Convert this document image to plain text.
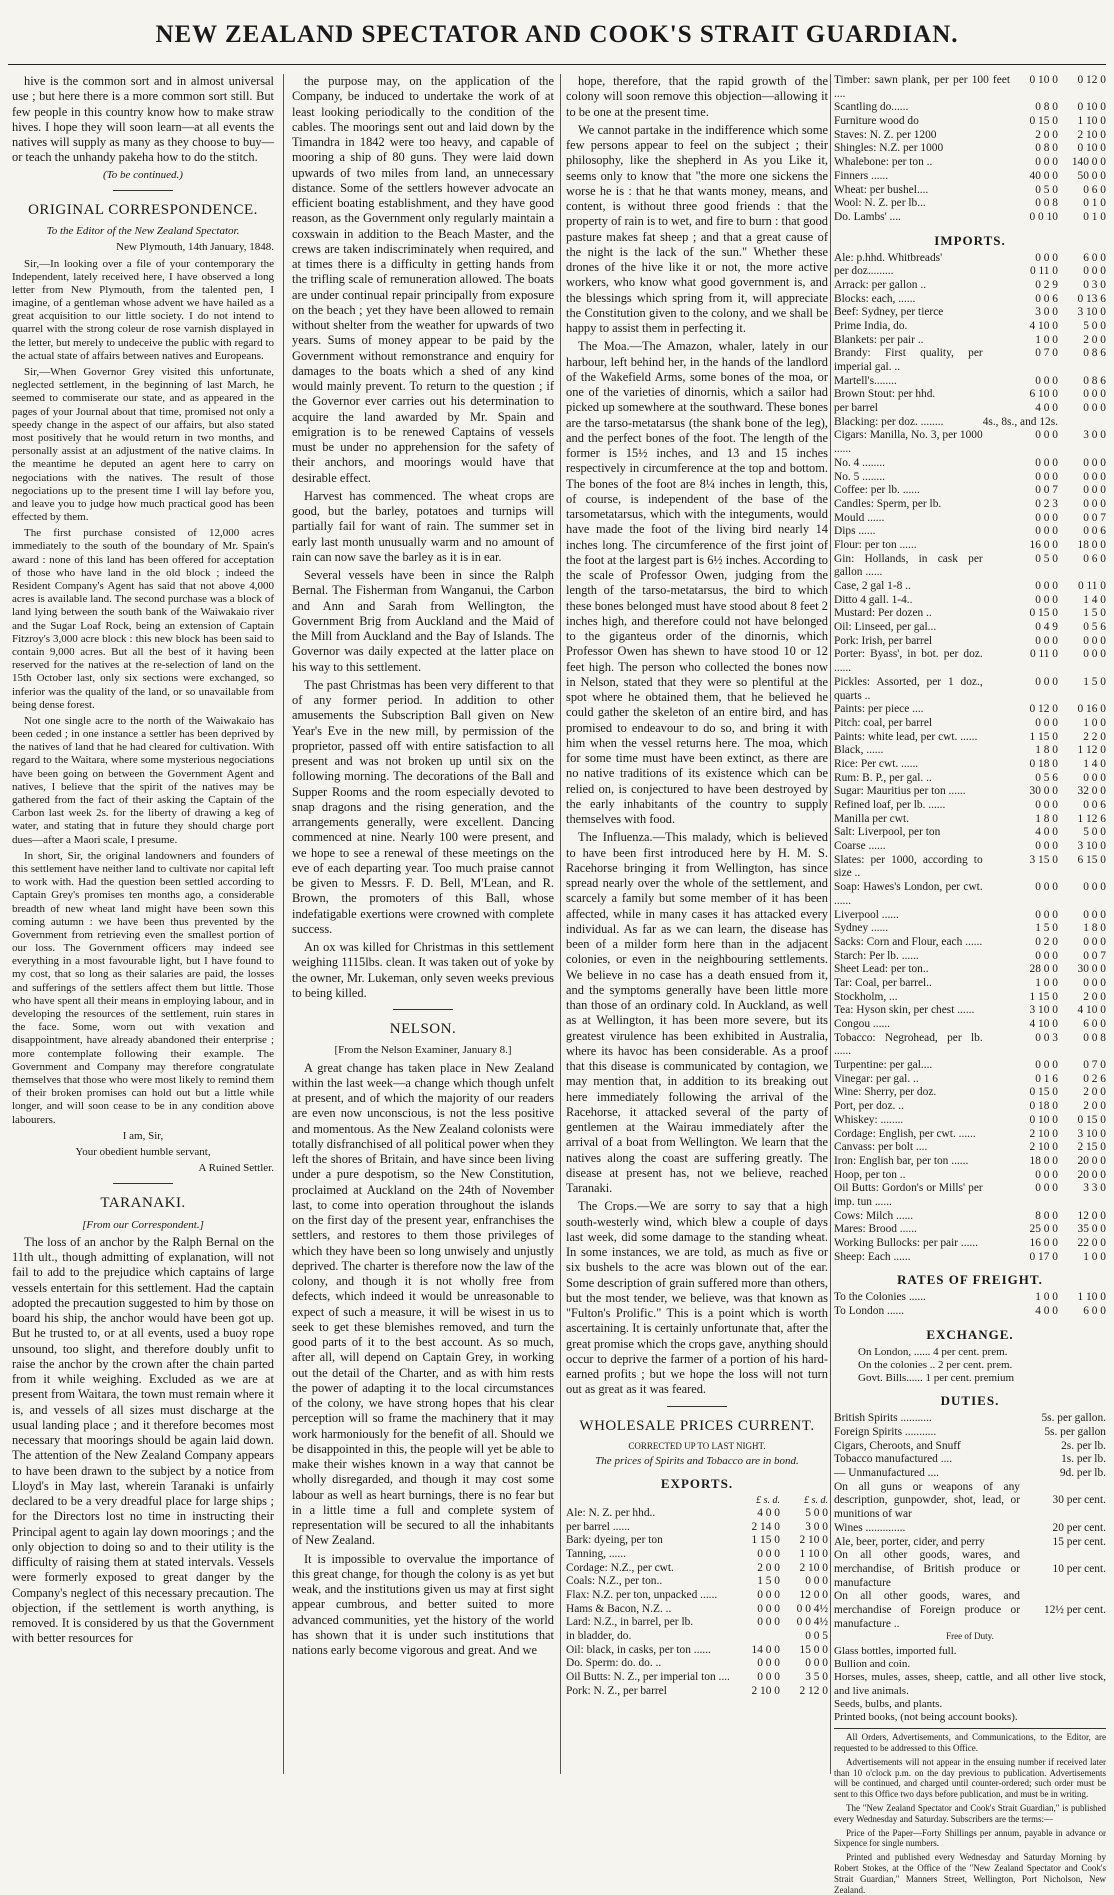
NEW ZEALAND SPECTATOR AND COOK'S STRAIT GUARDIAN.

hive is the common sort and in almost universal use ; but here there is a more common sort still. But few people in this country know how to make straw hives. I hope they will soon learn—at all events the natives will supply as many as they choose to buy—or teach the unhandy pakeha how to do the stitch.

(To be continued.)

ORIGINAL CORRESPONDENCE.

To the Editor of the New Zealand Spectator.

New Plymouth, 14th January, 1848.

Sir,—In looking over a file of your contemporary the Independent, lately received here, I have observed a long letter from New Plymouth, from the talented pen, I imagine, of a gentleman whose advent we have hailed as a great acquisition to our little society. I do not intend to quarrel with the strong coleur de rose varnish displayed in the letter, but merely to undeceive the public with regard to the actual state of affairs between natives and Europeans.

Sir,—When Governor Grey visited this unfortunate, neglected settlement, in the beginning of last March, he seemed to commiserate our state, and as appeared in the pages of your Journal about that time, promised not only a speedy change in the aspect of our affairs, but also stated most positively that he would return in two months, and personally assist at an adjustment of the native claims. In the meantime he deputed an agent here to carry on negociations with the natives. The result of those negociations up to the present time I will lay before you, and leave you to judge how much practical good has been effected by them.

The first purchase consisted of 12,000 acres immediately to the south of the boundary of Mr. Spain's award : none of this land has been offered for acceptation of those who have land in the old block ; indeed the Resident Company's Agent has said that not above 4,000 acres is available land. The second purchase was a block of land lying between the south bank of the Waiwakaio river and the Sugar Loaf Rock, being an extension of Captain Fitzroy's 3,000 acre block : this new block has been said to contain 9,000 acres. But all the best of it having been reserved for the natives at the re-selection of land on the 15th October last, only six sections were exchanged, so inferior was the quality of the land, or so unavailable from being dense forest.

Not one single acre to the north of the Waiwakaio has been ceded ; in one instance a settler has been deprived by the natives of land that he had cleared for cultivation. With regard to the Waitara, where some mysterious negociations have been going on between the Government Agent and natives, I believe that the spirit of the natives may be gathered from the fact of their asking the Captain of the Carbon last week 2s. for the liberty of drawing a keg of water, and stating that in future they should charge port dues—after a Maori scale, I presume.

In short, Sir, the original landowners and founders of this settlement have neither land to cultivate nor capital left to work with. Had the question been settled according to Captain Grey's promises ten months ago, a considerable breadth of new wheat land might have been sown this coming autumn : we have been thus prevented by the Government from retrieving even the smallest portion of our loss. The Government officers may indeed see everything in a most favourable light, but I have found to my cost, that so long as their salaries are paid, the losses and sufferings of the settlers affect them but little. Those who have spent all their means in employing labour, and in developing the resources of the settlement, ruin stares in the face. Some, worn out with vexation and disappointment, have already abandoned their enterprise ; more contemplate following their example. The Government and Company may therefore congratulate themselves that those who were most likely to remind them of their broken promises can hold out but a little while longer, and will soon cease to be in any condition above labourers.

I am, Sir,

Your obedient humble servant,

A Ruined Settler.

TARANAKI.

[From our Correspondent.]

The loss of an anchor by the Ralph Bernal on the 11th ult., though admitting of explanation, will not fail to add to the prejudice which captains of large vessels entertain for this settlement. Had the captain adopted the precaution suggested to him by those on board his ship, the anchor would have been got up. But he trusted to, or at all events, used a buoy rope unsound, too slight, and therefore doubly unfit to raise the anchor by the crown after the chain parted from it while weighing. Excluded as we are at present from Waitara, the town must remain where it is, and vessels of all sizes must discharge at the usual landing place ; and it therefore becomes most necessary that moorings should be again laid down. The attention of the New Zealand Company appears to have been drawn to the subject by a notice from Lloyd's in May last, wherein Taranaki is unfairly declared to be a very dreadful place for large ships ; for the Directors lost no time in instructing their Principal agent to again lay down moorings ; and the only objection to doing so and to their utility is the difficulty of raising them at stated intervals. Vessels were formerly exposed to great danger by the Company's neglect of this necessary precaution. The objection, if the settlement is worth anything, is removed. It is considered by us that the Government with better resources for

the purpose may, on the application of the Company, be induced to undertake the work of at least looking periodically to the condition of the cables. The moorings sent out and laid down by the Timandra in 1842 were too heavy, and capable of mooring a ship of 80 guns. They were laid down upwards of two miles from land, an unnecessary distance. Some of the settlers however advocate an efficient boating establishment, and they have good reason, as the Government only regularly maintain a coxswain in addition to the Beach Master, and the crews are taken indiscriminately when required, and at times there is a difficulty in getting hands from the trifling scale of remuneration allowed. The boats are under continual repair principally from exposure on the beach ; yet they have been allowed to remain without shelter from the weather for upwards of two years. Sums of money appear to be paid by the Government without remonstrance and enquiry for damages to the boats which a shed of any kind would mainly prevent. To return to the question ; if the Governor ever carries out his determination to acquire the land awarded by Mr. Spain and emigration is to be renewed Captains of vessels must be under no apprehension for the safety of their anchors, and moorings would have that desirable effect.

Harvest has commenced. The wheat crops are good, but the barley, potatoes and turnips will partially fail for want of rain. The summer set in early last month unusually warm and no amount of rain can now save the barley as it is in ear.

Several vessels have been in since the Ralph Bernal. The Fisherman from Wanganui, the Carbon and Ann and Sarah from Wellington, the Government Brig from Auckland and the Maid of the Mill from Auckland and the Bay of Islands. The Governor was daily expected at the latter place on his way to this settlement.

The past Christmas has been very different to that of any former period. In addition to other amusements the Subscription Ball given on New Year's Eve in the new mill, by permission of the proprietor, passed off with entire satisfaction to all present and was not broken up until six on the following morning. The decorations of the Ball and Supper Rooms and the room especially devoted to snap dragons and the rising generation, and the arrangements generally, were excellent. Dancing commenced at nine. Nearly 100 were present, and we hope to see a renewal of these meetings on the eve of each departing year. Too much praise cannot be given to Messrs. F. D. Bell, M'Lean, and R. Brown, the promoters of this Ball, whose indefatigable exertions were crowned with complete success.

An ox was killed for Christmas in this settlement weighing 1115lbs. clean. It was taken out of yoke by the owner, Mr. Lukeman, only seven weeks previous to being killed.

NELSON.

[From the Nelson Examiner, January 8.]

A great change has taken place in New Zealand within the last week—a change which though unfelt at present, and of which the majority of our readers are even now unconscious, is not the less positive and momentous. As the New Zealand colonists were totally disfranchised of all political power when they left the shores of Britain, and have since been living under a pure despotism, so the New Constitution, proclaimed at Auckland on the 24th of November last, to come into operation throughout the islands on the first day of the present year, enfranchises the settlers, and restores to them those privileges of which they have been so long unwisely and unjustly deprived. The charter is therefore now the law of the colony, and though it is not wholly free from defects, which indeed it would be unreasonable to expect of such a measure, it will be wisest in us to seek to get these blemishes removed, and turn the good parts of it to the best account. As so much, after all, will depend on Captain Grey, in working out the detail of the Charter, and as with him rests the power of adapting it to the local circumstances of the colony, we have strong hopes that his clear perception will so frame the machinery that it may work harmoniously for the benefit of all. Should we be disappointed in this, the people will yet be able to make their wishes known in a way that cannot be wholly disregarded, and though it may cost some labour as well as heart burnings, there is no fear but in a little time a full and complete system of representation will be secured to all the inhabitants of New Zealand.

It is impossible to overvalue the importance of this great change, for though the colony is as yet but weak, and the institutions given us may at first sight appear cumbrous, and better suited to more advanced communities, yet the history of the world has shown that it is under such institutions that nations early become vigorous and great. And we

hope, therefore, that the rapid growth of the colony will soon remove this objection—allowing it to be one at the present time.

We cannot partake in the indifference which some few persons appear to feel on the subject ; their philosophy, like the shepherd in As you Like it, seems only to know that "the more one sickens the worse he is : that he that wants money, means, and content, is without three good friends : that the property of rain is to wet, and fire to burn : that good pasture makes fat sheep ; and that a great cause of the night is the lack of the sun." Whether these drones of the hive like it or not, the more active workers, who know what good government is, and the blessings which spring from it, will appreciate the Constitution given to the colony, and we shall be happy to assist them in perfecting it.

The Moa.—The Amazon, whaler, lately in our harbour, left behind her, in the hands of the landlord of the Wakefield Arms, some bones of the moa, or one of the varieties of dinornis, which a sailor had picked up somewhere at the southward. These bones are the tarso-metatarsus (the shank bone of the leg), and the perfect bones of the foot. The length of the former is 15½ inches, and 13 and 15 inches respectively in circumference at the top and bottom. The bones of the foot are 8¼ inches in length, this, of course, is independent of the base of the tarsometatarsus, which with the integuments, would have made the foot of the living bird nearly 14 inches long. The circumference of the first joint of the foot at the largest part is 6½ inches. According to the scale of Professor Owen, judging from the length of the tarso-metatarsus, the bird to which these bones belonged must have stood about 8 feet 2 inches high, and therefore could not have belonged to the giganteus order of the dinornis, which Professor Owen has shewn to have stood 10 or 12 feet high. The person who collected the bones now in Nelson, stated that they were so plentiful at the spot where he obtained them, that he believed he could gather the skeleton of an entire bird, and has promised to endeavour to do so, and bring it with him when the vessel returns here. The moa, which for some time must have been extinct, as there are no native traditions of its existence which can be relied on, is conjectured to have been destroyed by the early inhabitants of the country to supply themselves with food.

The Influenza.—This malady, which is believed to have been first introduced here by H. M. S. Racehorse bringing it from Wellington, has since spread nearly over the whole of the settlement, and scarcely a family but some member of it has been affected, while in many cases it has attacked every individual. As far as we can learn, the disease has been of a milder form here than in the adjacent colonies, or even in the neighbouring settlements. We believe in no case has a death ensued from it, and the symptoms generally have been little more than those of an ordinary cold. In Auckland, as well as at Wellington, it has been more severe, but its greatest virulence has been exhibited in Australia, where its havoc has been considerable. As a proof that this disease is communicated by contagion, we may mention that, in addition to its breaking out here immediately following the arrival of the Racehorse, it attacked several of the party of gentlemen at the Wairau immediately after the arrival of a boat from Wellington. We learn that the natives along the coast are suffering greatly. The disease at present has, not we believe, reached Taranaki.

The Crops.—We are sorry to say that a high south-westerly wind, which blew a couple of days last week, did some damage to the standing wheat. In some instances, we are told, as much as five or six bushels to the acre was blown out of the ear. Some description of grain suffered more than others, but the most tender, we believe, was that known as "Fulton's Prolific." This is a point which is worth ascertaining. It is certainly unfortunate that, after the great promise which the crops gave, anything should occur to deprive the farmer of a portion of his hard-earned profits ; but we hope the loss will not turn out as great as it was feared.

WHOLESALE PRICES CURRENT.

CORRECTED UP TO LAST NIGHT.

The prices of Spirits and Tobacco are in bond.

EXPORTS.
	£ s. d.	£ s. d.
Ale: N. Z. per hhd..	4 0 0	5 0 0
per barrel ......	2 14 0	3 0 0
Bark: dyeing, per ton	1 15 0	2 10 0
Tanning, ......	0 0 0	1 10 0
Cordage: N.Z., per cwt.	2 0 0	2 10 0
Coals: N.Z., per ton..	1 5 0	0 0 0
Flax: N.Z. per ton, unpacked ......	0 0 0	12 0 0
Hams & Bacon, N.Z. ..	0 0 0	0 0 4½
Lard: N.Z., in barrel, per lb.	0 0 0	0 0 4½
in bladder, do.		0 0 5
Oil: black, in casks, per ton ......	14 0 0	15 0 0
Do. Sperm: do. do. ..	0 0 0	0 0 0
Oil Butts: N. Z., per imperial ton ....	0 0 0	3 5 0
Pork: N. Z., per barrel	2 10 0	2 12 0
Timber: sawn plank, per per 100 feet ....	0 10 0	0 12 0
Scantling do......	0 8 0	0 10 0
Furniture wood do	0 15 0	1 10 0
Staves: N. Z. per 1200	2 0 0	2 10 0
Shingles: N.Z. per 1000	0 8 0	0 10 0
Whalebone: per ton ..	0 0 0	140 0 0
Finners ......	40 0 0	50 0 0
Wheat: per bushel....	0 5 0	0 6 0
Wool: N. Z. per lb...	0 0 8	0 1 0
Do. Lambs' ....	0 0 10	0 1 0
IMPORTS.
Ale: p.hhd. Whitbreads'	0 0 0	6 0 0
per doz.........	0 11 0	0 0 0
Arrack: per gallon ..	0 2 9	0 3 0
Blocks: each, ......	0 0 6	0 13 6
Beef: Sydney, per tierce	3 0 0	3 10 0
Prime India, do.	4 10 0	5 0 0
Blankets: per pair ..	1 0 0	2 0 0
Brandy: First quality, per imperial gal. ..	0 7 0	0 8 6
Martell's........	0 0 0	0 8 6
Brown Stout: per hhd.	6 10 0	0 0 0
per barrel	4 0 0	0 0 0
Blacking: per doz. ........	4s., 8s., and 12s.	
Cigars: Manilla, No. 3, per 1000 ......	0 0 0	3 0 0
No. 4 ........	0 0 0	0 0 0
No. 5 ........	0 0 0	0 0 0
Coffee: per lb. ......	0 0 7	0 0 0
Candles: Sperm, per lb.	0 2 3	0 0 0
Mould ......	0 0 0	0 0 7
Dips ......	0 0 0	0 0 6
Flour: per ton ......	16 0 0	18 0 0
Gin: Hollands, in cask per gallon ......	0 5 0	0 6 0
Case, 2 gal 1-8 ..	0 0 0	0 11 0
Ditto 4 gall. 1-4..	0 0 0	1 4 0
Mustard: Per dozen ..	0 15 0	1 5 0
Oil: Linseed, per gal...	0 4 9	0 5 6
Pork: Irish, per barrel	0 0 0	0 0 0
Porter: Byass', in bot. per doz. ......	0 11 0	0 0 0
Pickles: Assorted, per 1 doz., quarts ..	0 0 0	1 5 0
Paints: per piece ....	0 12 0	0 16 0
Pitch: coal, per barrel	0 0 0	1 0 0
Paints: white lead, per cwt. ......	1 15 0	2 2 0
Black, ......	1 8 0	1 12 0
Rice: Per cwt. ......	0 18 0	1 4 0
Rum: B. P., per gal. ..	0 5 6	0 0 0
Sugar: Mauritius per ton ......	30 0 0	32 0 0
Refined loaf, per lb. ......	0 0 0	0 0 6
Manilla per cwt.	1 8 0	1 12 6
Salt: Liverpool, per ton	4 0 0	5 0 0
Coarse ......	0 0 0	3 10 0
Slates: per 1000, according to size ..	3 15 0	6 15 0
Soap: Hawes's London, per cwt. ......	0 0 0	0 0 0
Liverpool ......	0 0 0	0 0 0
Sydney ......	1 5 0	1 8 0
Sacks: Corn and Flour, each ......	0 2 0	0 0 0
Starch: Per lb. ......	0 0 0	0 0 7
Sheet Lead: per ton..	28 0 0	30 0 0
Tar: Coal, per barrel..	1 0 0	0 0 0
Stockholm, ...	1 15 0	2 0 0
Tea: Hyson skin, per chest ......	3 10 0	4 10 0
Congou ......	4 10 0	6 0 0
Tobacco: Negrohead, per lb. ......	0 0 3	0 0 8
Turpentine: per gal....	0 0 0	0 7 0
Vinegar: per gal. ..	0 1 6	0 2 6
Wine: Sherry, per doz.	0 15 0	2 0 0
Port, per doz. ..	0 18 0	2 0 0
Whiskey: ........	0 10 0	0 15 0
Cordage: English, per cwt. ......	2 10 0	3 10 0
Canvass: per bolt ....	2 10 0	2 15 0
Iron: English bar, per ton ......	18 0 0	20 0 0
Hoop, per ton ..	0 0 0	20 0 0
Oil Butts: Gordon's or Mills' per imp. tun ......	0 0 0	3 3 0
Cows: Milch ......	8 0 0	12 0 0
Mares: Brood ......	25 0 0	35 0 0
Working Bullocks: per pair ......	16 0 0	22 0 0
Sheep: Each ......	0 17 0	1 0 0
RATES OF FREIGHT.
To the Colonies ......	1 0 0	1 10 0
To London ......	4 0 0	6 0 0
EXCHANGE.
On London, ...... 4 per cent. prem.
On the colonies .. 2 per cent. prem.
Govt. Bills...... 1 per cent. premium
DUTIES.
British Spirits ...........	5s. per gallon.
Foreign Spirits ...........	5s. per gallon
Cigars, Cheroots, and Snuff	2s. per lb.
Tobacco manufactured ....	1s. per lb.
— Unmanufactured ....	9d. per lb.
On all guns or weapons of any description, gunpowder, shot, lead, or munitions of war	30 per cent.
Wines ..............	20 per cent.
Ale, beer, porter, cider, and perry	15 per cent.
On all other goods, wares, and merchandise, of British produce or manufacture	10 per cent.
On all other goods, wares, and merchandise of Foreign produce or manufacture ..	12½ per cent.

Free of Duty.

Glass bottles, imported full.
Bullion and coin.
Horses, mules, asses, sheep, cattle, and all other live stock, and live animals.
Seeds, bulbs, and plants.
Printed books, (not being account books).

All Orders, Advertisements, and Communications, to the Editor, are requested to be addressed to this Office.

Advertisements will not appear in the ensuing number if received later than 10 o'clock p.m. on the day previous to publication. Advertisements will be continued, and charged until counter-ordered; such order must be sent to this Office two days before publication, and must be in writing.

The "New Zealand Spectator and Cook's Strait Guardian," is published every Wednesday and Saturday. Subscribers are the terms:—

Price of the Paper—Forty Shillings per annum, payable in advance or Sixpence for single numbers.

Printed and published every Wednesday and Saturday Morning by Robert Stokes, at the Office of the "New Zealand Spectator and Cook's Strait Guardian," Manners Street, Wellington, Port Nicholson, New Zealand.
